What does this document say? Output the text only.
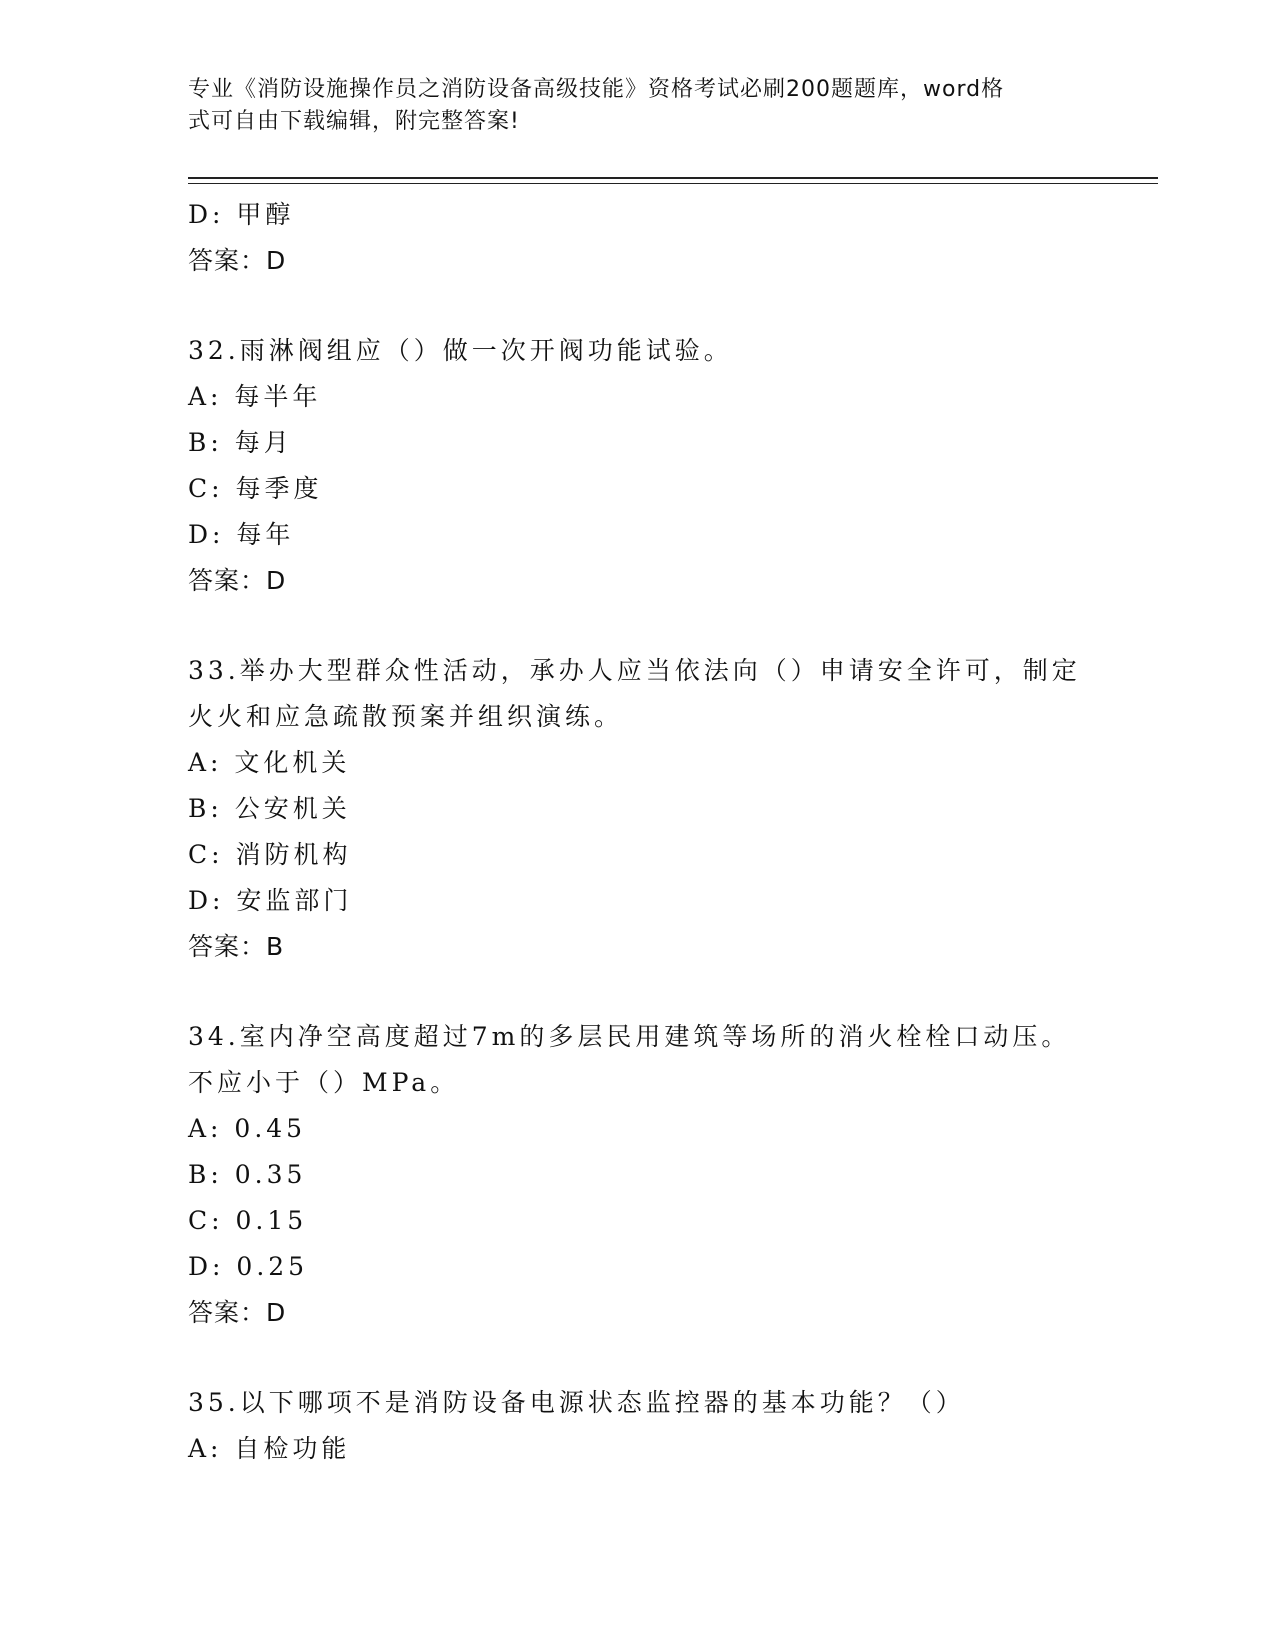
专业《消防设施操作员之消防设备高级技能》资格考试必刷200题题库，word格
式可自由下载编辑，附完整答案!
D: 甲醇
答案：D
32.雨淋阀组应（）做一次开阀功能试验。
A: 每半年
B: 每月
C: 每季度
D: 每年
答案：D
33.举办大型群众性活动，承办人应当依法向（）申请安全许可，制定
火火和应急疏散预案并组织演练。
A: 文化机关
B: 公安机关
C: 消防机构
D: 安监部门
答案：B
34.室内净空高度超过7m的多层民用建筑等场所的消火栓栓口动压。
不应小于（）MPa。
A: 0.45
B: 0.35
C: 0.15
D: 0.25
答案：D
35.以下哪项不是消防设备电源状态监控器的基本功能？（）
A: 自检功能
